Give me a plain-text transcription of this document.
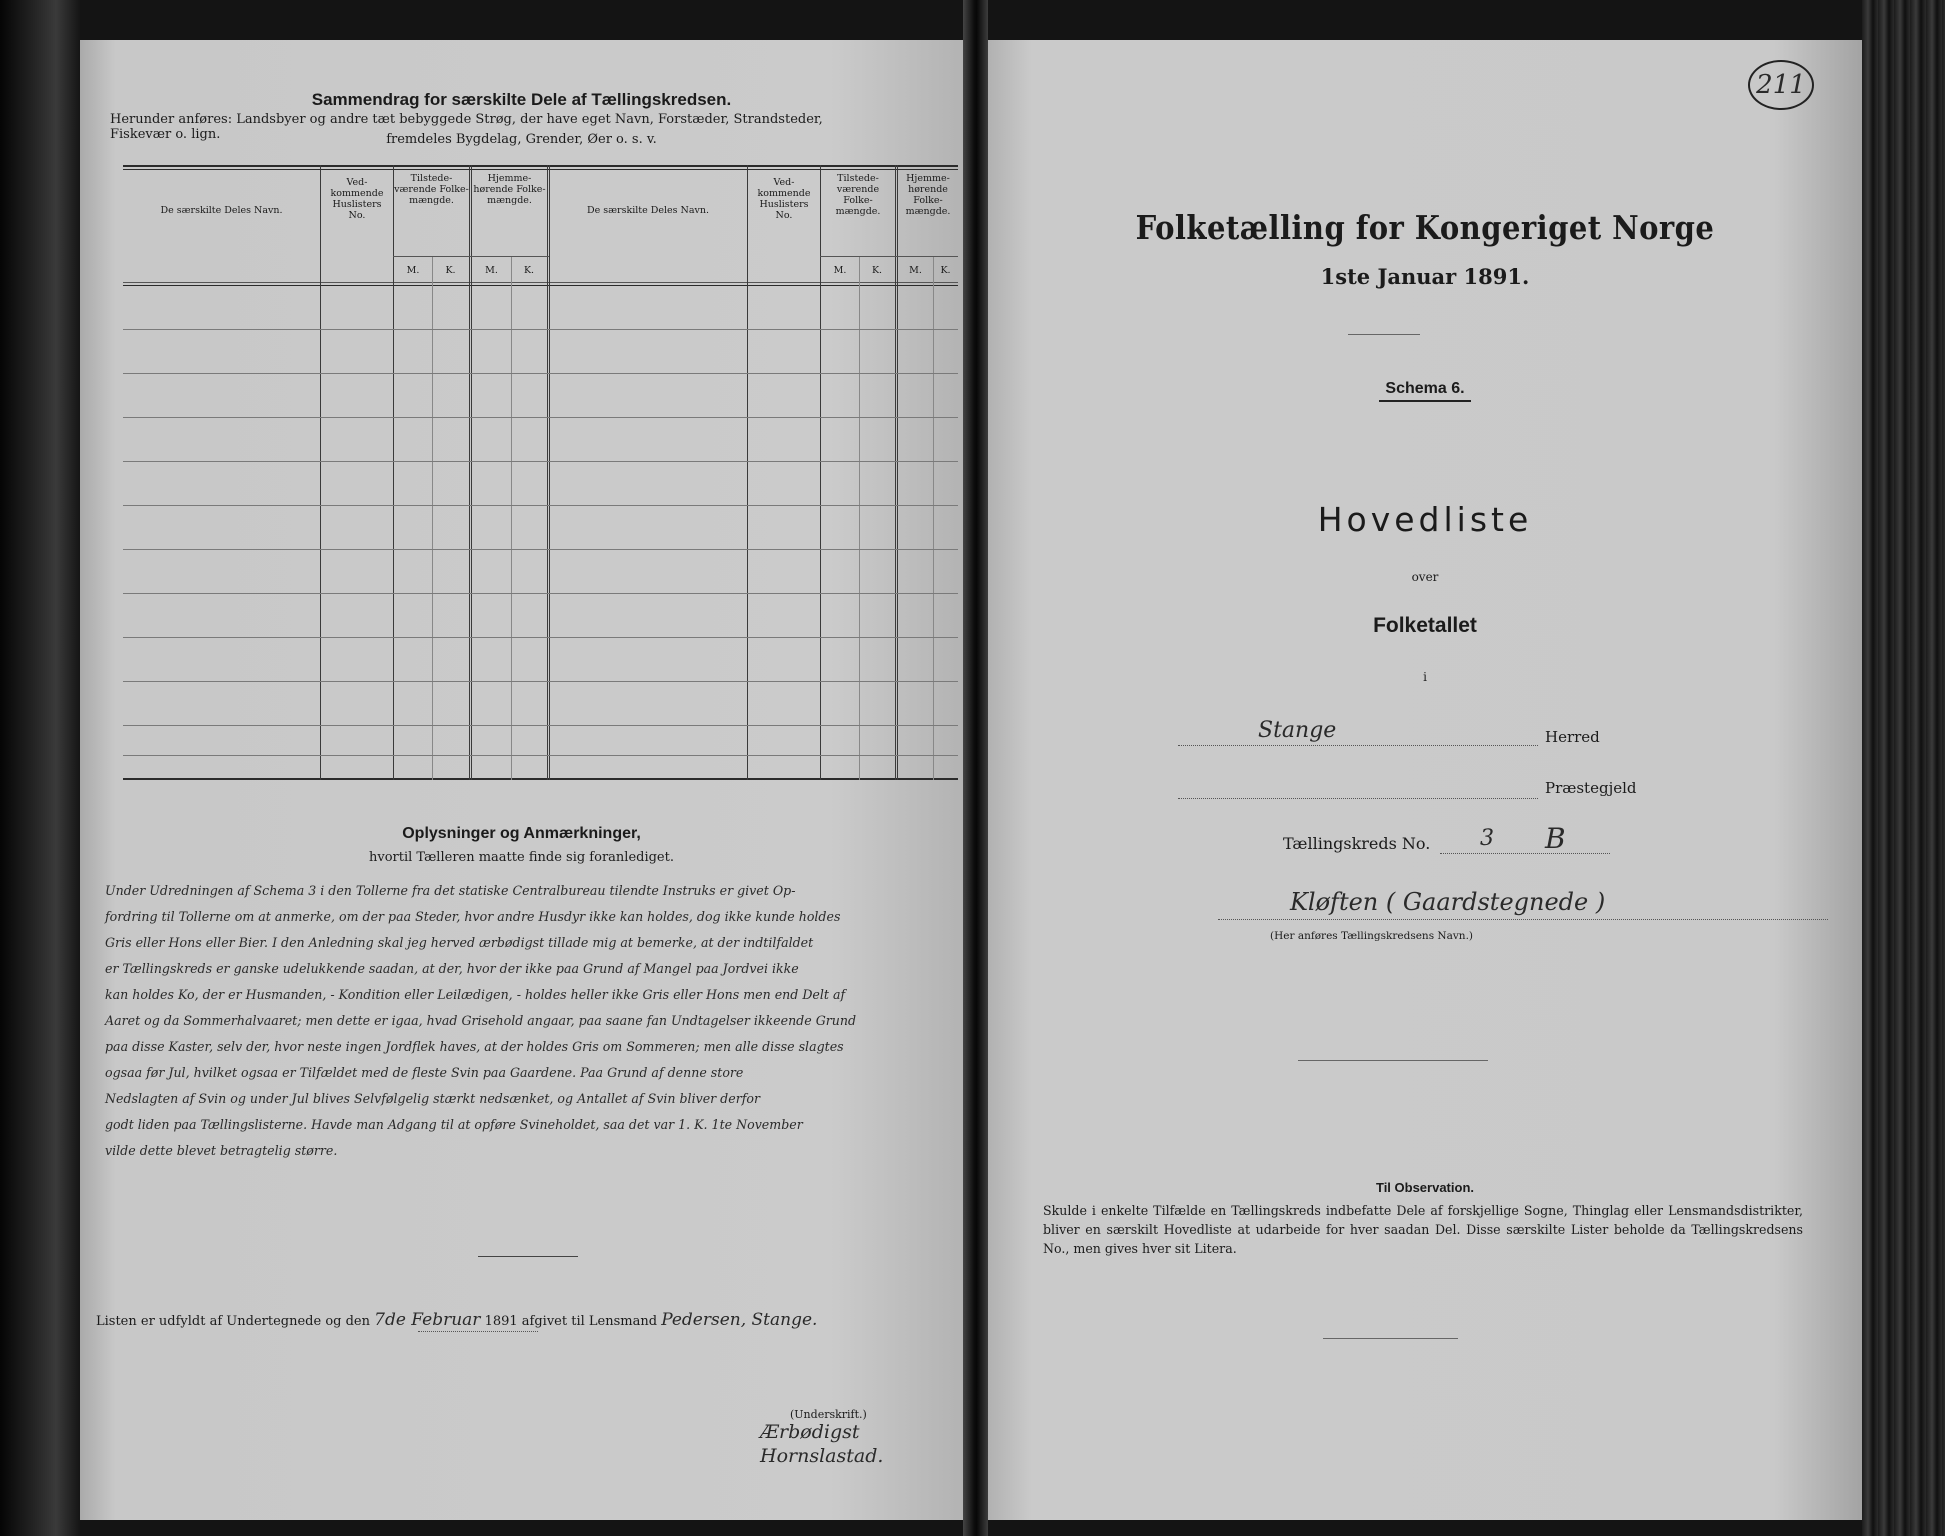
Sammendrag for særskilte Dele af Tællingskredsen.
Herunder anføres: Landsbyer og andre tæt bebyggede Strøg, der have eget Navn, Forstæder, Strandsteder, Fiskevær o. lign.	fremdeles Bygdelag, Grender, Øer o. s. v.
De særskilte Deles Navn.
Ved- kommende Huslisters No.
Tilstede- værende Folke- mængde.
Hjemme- hørende Folke- mængde.
M.	K.	M.	K.
De særskilte Deles Navn.
Ved- kommende Huslisters No.
Tilstede- værende Folke- mængde.
Hjemme- hørende Folke- mængde.
M.	K.	M.	K.
Oplysninger og Anmærkninger,
hvortil Tælleren maatte finde sig foranlediget.
Under Udredningen af Schema 3 i den Tollerne fra det statiske Centralbureau tilendte Instruks er givet Op-
fordring til Tollerne om at anmerke, om der paa Steder, hvor andre Husdyr ikke kan holdes, dog ikke kunde holdes
Gris eller Hons eller Bier. I den Anledning skal jeg herved ærbødigst tillade mig at bemerke, at der indtilfaldet
er Tællingskreds er ganske udelukkende saadan, at der, hvor der ikke paa Grund af Mangel paa Jordvei ikke
kan holdes Ko, der er Husmanden, - Kondition eller Leilædigen, - holdes heller ikke Gris eller Hons men end Delt af
Aaret og da Sommerhalvaaret; men dette er igaa, hvad Grisehold angaar, paa saane fan Undtagelser ikkeende Grund
paa disse Kaster, selv der, hvor neste ingen Jordflek haves, at der holdes Gris om Sommeren; men alle disse slagtes
ogsaa før Jul, hvilket ogsaa er Tilfældet med de fleste Svin paa Gaardene. Paa Grund af denne store
Nedslagten af Svin og under Jul blives Selvfølgelig stærkt nedsænket, og Antallet af Svin bliver derfor
godt liden paa Tællingslisterne. Havde man Adgang til at opføre Svineholdet, saa det var 1. K. 1te November
vilde dette blevet betragtelig større.
Listen er udfyldt af Undertegnede og den 7de Februar 1891 afgivet til Lensmand Pedersen, Stange.
(Underskrift.)
Ærbødigst
Hornslastad.
211
Folketælling for Kongeriget Norge
1ste Januar 1891.
Schema 6.
Hovedliste
over
Folketallet
i
Stange	Herred
Præstegjeld
Tællingskreds No. 3 B
Kløften ( Gaardstegnede )
(Her anføres Tællingskredsens Navn.)
Til Observation.
Skulde i enkelte Tilfælde en Tællingskreds indbefatte Dele af forskjellige Sogne, Thinglag eller Lensmandsdistrikter, bliver en særskilt Hovedliste at udarbeide for hver saadan Del. Disse særskilte Lister beholde da Tællingskredsens No., men gives hver sit Litera.
